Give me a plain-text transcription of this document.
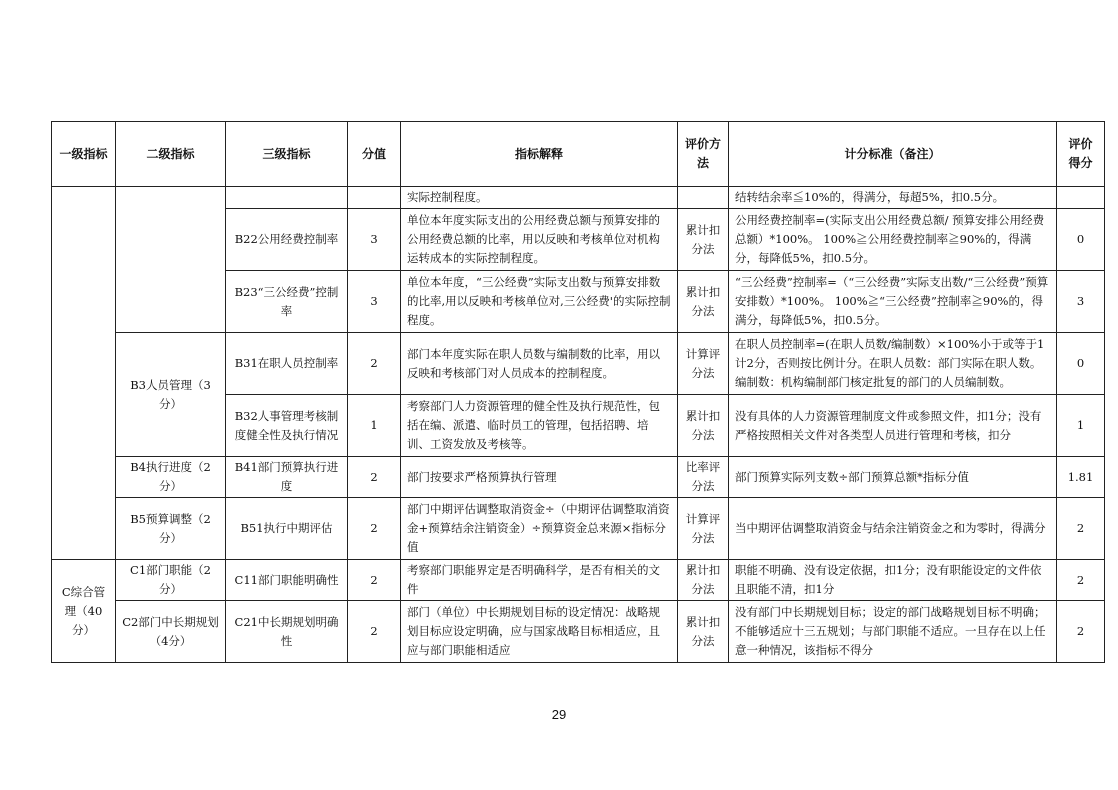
一级指标	二级指标	三级指标	分值	指标解释	评价方法	计分标准（备注）	评价得分
				实际控制程度。		结转结余率≦10%的，得满分，每超5%，扣0.5分。	
		B22公用经费控制率	3	单位本年度实际支出的公用经费总额与预算安排的公用经费总额的比率，用以反映和考核单位对机构运转成本的实际控制程度。	累计扣分法	公用经费控制率=(实际支出公用经费总额/ 预算安排公用经费总额）*100%。 100%≧公用经费控制率≧90%的，得满分，每降低5%，扣0.5分。	0
		B23“三公经费”控制率	3	单位本年度，“三公经费”实际支出数与预算安排数的比率,用以反映和考核单位对,三公经费'的实际控制程度。	累计扣分法	“三公经费”控制率=（“三公经费”实际支出数/“三公经费”预算安排数）*100%。 100%≧“三公经费”控制率≧90%的，得满分，每降低5%，扣0.5分。	3
	B3人员管理（3分）	B31在职人员控制率	2	部门本年度实际在职人员数与编制数的比率，用以反映和考核部门对人员成本的控制程度。	计算评分法	在职人员控制率=(在职人员数/编制数）×100%小于或等于1计2分，否则按比例计分。在职人员数：部门实际在职人数。编制数：机构编制部门核定批复的部门的人员编制数。	0
		B32人事管理考核制度健全性及执行情况	1	考察部门人力资源管理的健全性及执行规范性，包括在编、派遣、临时员工的管理，包括招聘、培训、工资发放及考核等。	累计扣分法	没有具体的人力资源管理制度文件或参照文件，扣1分；没有严格按照相关文件对各类型人员进行管理和考核，扣分	1
	B4执行进度（2分）	B41部门预算执行进度	2	部门按要求严格预算执行管理	比率评分法	部门预算实际列支数÷部门预算总额*指标分值	1.81
	B5预算调整（2分）	B51执行中期评估	2	部门中期评估调整取消资金÷（中期评估调整取消资金+预算结余注销资金）÷预算资金总来源×指标分值	计算评分法	当中期评估调整取消资金与结余注销资金之和为零时，得满分	2
C综合管理（40分）	C1部门职能（2分）	C11部门职能明确性	2	考察部门职能界定是否明确科学，是否有相关的文件	累计扣分法	职能不明确、没有设定依据，扣1分；没有职能设定的文件依且职能不清，扣1分	2
	C2部门中长期规划（4分）	C21中长期规划明确性	2	部门（单位）中长期规划目标的设定情况：战略规划目标应设定明确，应与国家战略目标相适应，且应与部门职能相适应	累计扣分法	没有部门中长期规划目标；设定的部门战略规划目标不明确；不能够适应十三五规划；与部门职能不适应。一旦存在以上任意一种情况，该指标不得分	2
29
